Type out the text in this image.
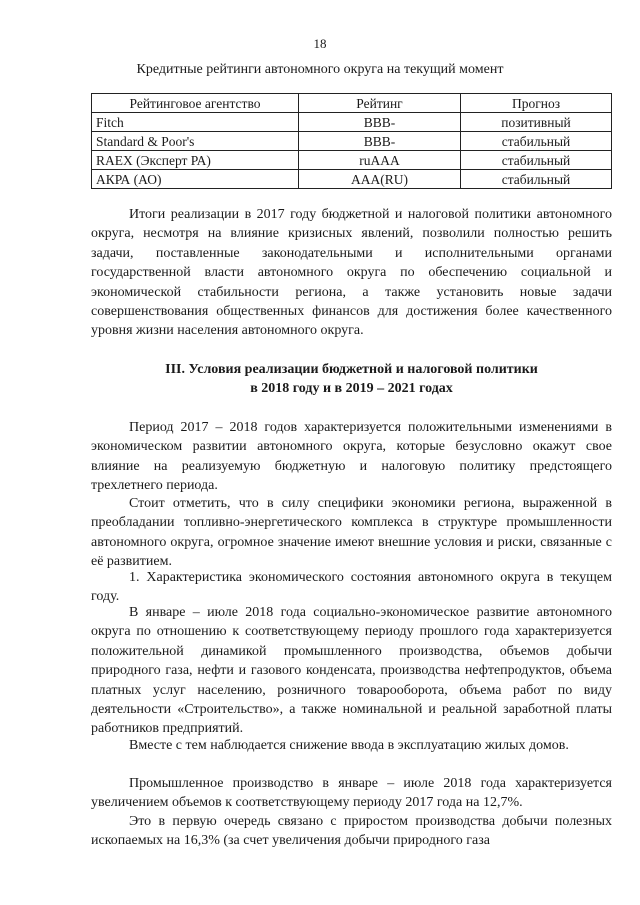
18
Кредитные рейтинги автономного округа на текущий момент
Рейтинговое агентство	Рейтинг	Прогноз
Fitch	BBB-	позитивный
Standard & Poor's	BBB-	стабильный
RAEX (Эксперт РА)	ruAAA	стабильный
АКРА (АО)	AAA(RU)	стабильный

Итоги реализации в 2017 году бюджетной и налоговой политики автономного округа, несмотря на влияние кризисных явлений, позволили полностью решить задачи, поставленные законодательными и исполнительными органами государственной власти автономного округа по обеспечению социальной и экономической стабильности региона, а также установить новые задачи совершенствования общественных финансов для достижения более качественного уровня жизни населения автономного округа.

III. Условия реализации бюджетной и налоговой политики
в 2018 году и в 2019 – 2021 годах

Период 2017 – 2018 годов характеризуется положительными изменениями в экономическом развитии автономного округа, которые безусловно окажут свое влияние на реализуемую бюджетную и налоговую политику предстоящего трехлетнего периода.

Стоит отметить, что в силу специфики экономики региона, выраженной в преобладании топливно-энергетического комплекса в структуре промышленности автономного округа, огромное значение имеют внешние условия и риски, связанные с её развитием.

1. Характеристика экономического состояния автономного округа в текущем году.

В январе – июле 2018 года социально-экономическое развитие автономного округа по отношению к соответствующему периоду прошлого года характеризуется положительной динамикой промышленного производства, объемов добычи природного газа, нефти и газового конденсата, производства нефтепродуктов, объема платных услуг населению, розничного товарооборота, объема работ по виду деятельности «Строительство», а также номинальной и реальной заработной платы работников предприятий.

Вместе с тем наблюдается снижение ввода в эксплуатацию жилых домов.

Промышленное производство в январе – июле 2018 года характеризуется увеличением объемов к соответствующему периоду 2017 года на 12,7%.

Это в первую очередь связано с приростом производства добычи полезных ископаемых на 16,3% (за счет увеличения добычи природного газа
